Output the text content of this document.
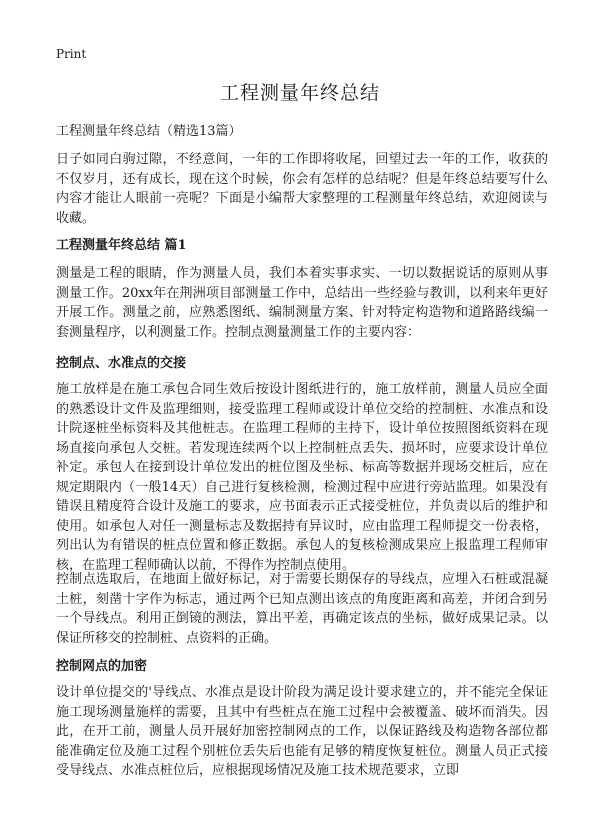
Print
工程测量年终总结
工程测量年终总结（精选13篇）
日子如同白驹过隙，不经意间，一年的工作即将收尾，回望过去一年的工作，收获的不仅岁月，还有成长，现在这个时候，你会有怎样的总结呢？但是年终总结要写什么内容才能让人眼前一亮呢？下面是小编帮大家整理的工程测量年终总结，欢迎阅读与收藏。
工程测量年终总结 篇1
测量是工程的眼睛，作为测量人员，我们本着实事求实、一切以数据说话的原则从事测量工作。20xx年在荆洲项目部测量工作中，总结出一些经验与教训，以利来年更好开展工作。测量之前，应熟悉图纸、编制测量方案、针对特定构造物和道路路线编一套测量程序，以利测量工作。控制点测量测量工作的主要内容：
控制点、水准点的交接
施工放样是在施工承包合同生效后按设计图纸进行的，施工放样前，测量人员应全面的熟悉设计文件及监理细则，接受监理工程师或设计单位交给的控制桩、水准点和设计院逐桩坐标资料及其他桩志。在监理工程师的主持下，设计单位按照图纸资料在现场直接向承包人交桩。若发现连续两个以上控制桩点丢失、损坏时，应要求设计单位补定。承包人在接到设计单位发出的桩位图及坐标、标高等数据并现场交桩后，应在规定期限内（一般14天）自己进行复核检测，检测过程中应进行旁站监理。如果没有错误且精度符合设计及施工的要求，应书面表示正式接受桩位，并负责以后的维护和使用。如承包人对任一测量标志及数据持有异议时，应由监理工程师提交一份表格，列出认为有错误的桩点位置和修正数据。承包人的复核检测成果应上报监理工程师审核，在监理工程师确认以前，不得作为控制点使用。
控制点选取后，在地面上做好标记，对于需要长期保存的导线点，应埋入石桩或混凝土桩，刻凿十字作为标志，通过两个已知点测出该点的角度距离和高差，并闭合到另一个导线点。利用正倒镜的测法，算出平差，再确定该点的坐标，做好成果记录。以保证所移交的控制桩、点资料的正确。
控制网点的加密
设计单位提交的'导线点、水准点是设计阶段为满足设计要求建立的，并不能完全保证施工现场测量施样的需要，且其中有些桩点在施工过程中会被覆盖、破坏而消失。因此，在开工前，测量人员开展好加密控制网点的工作，以保证路线及构造物各部位都能准确定位及施工过程个别桩位丢失后也能有足够的精度恢复桩位。测量人员正式接受导线点、水准点桩位后，应根据现场情况及施工技术规范要求，立即
